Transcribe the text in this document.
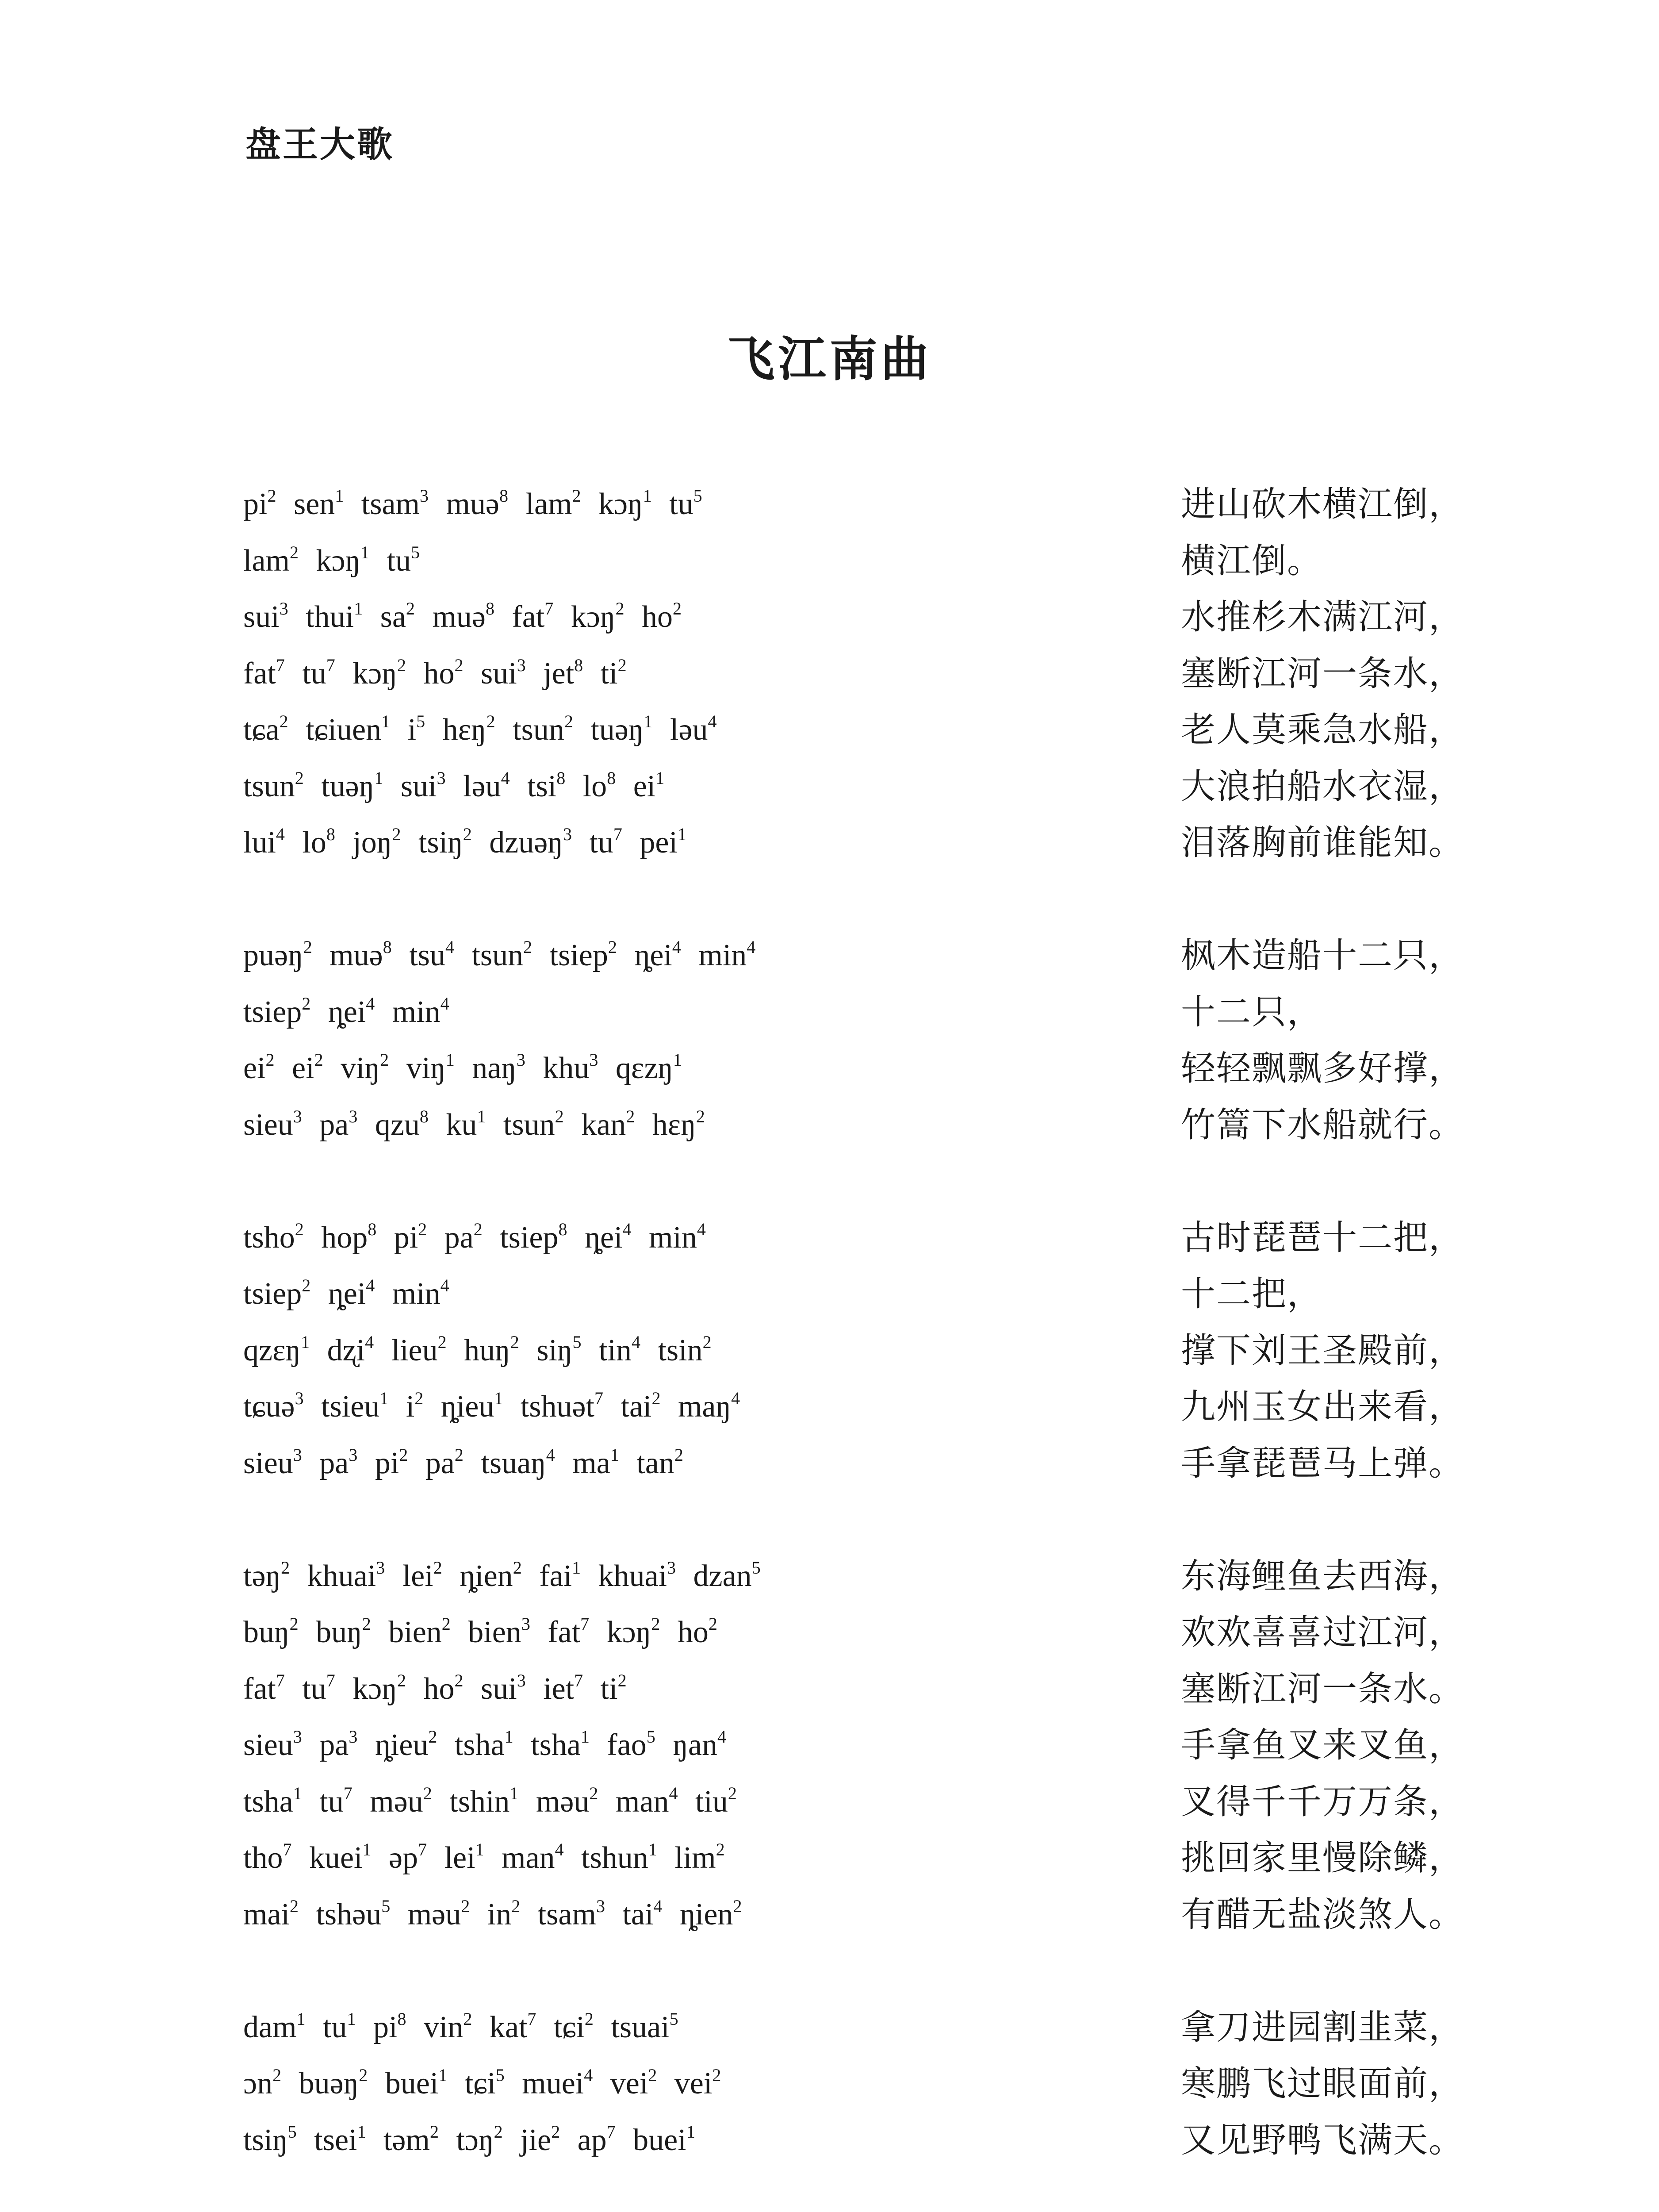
盘王大歌
飞江南曲
$pi^2$ sen$^1$ tsam$^3$ muə$^8$ lam$^2$ kɔŋ$^1$ $tu^5$	进山砍木横江倒，
lam$^2$ kɔŋ$^1$ $tu^5$	横江倒。
sui$^3$ thui$^1$ $sa^2$ muə$^8$ fat$^7$ kɔŋ$^2$ $ho^2$	水推杉木满江河，
fat$^7$ $tu^7$ kɔŋ$^2$ $ho^2$ sui$^3$ jet$^8$ $ti^2$	塞断江河一条水，
tɕa$^2$ tɕiuen$^1$ $i^5$ hɛŋ$^2$ tsun$^2$ tuəŋ$^1$ ləu$^4$	老人莫乘急水船，
tsun$^2$ tuəŋ$^1$ sui$^3$ ləu$^4$ tsi$^8$ $lo^8$ $ei^1$	大浪拍船水衣湿，
lui$^4$ $lo^8$ joŋ$^2$ tsiŋ$^2$ dzuəŋ$^3$ $tu^7$ pei$^1$	泪落胸前谁能知。
puəŋ$^2$ muə$^8$ tsu$^4$ tsun$^2$ tsiep$^2$ ȵei$^4$ $\min^4$	枫木造船十二只，
tsiep$^2$ ȵei$^4$ $\min^4$	十二只，
$ei^2$ $ei^2$ viŋ$^2$ viŋ$^1$ naŋ$^3$ khu$^3$ qɛzŋ$^1$	轻轻飘飘多好撑，
sieu$^3$ $pa^3$ qzu$^8$ $ku^1$ tsun$^2$ kan$^2$ hɛŋ$^2$	竹篙下水船就行。
tsho$^2$ hop$^8$ $pi^2$ $pa^2$ tsiep$^8$ ȵei$^4$ $\min^4$	古时琵琶十二把，
tsiep$^2$ ȵei$^4$ $\min^4$	十二把，
qzɛŋ$^1$ dʐi$^4$ lieu$^2$ huŋ$^2$ siŋ$^5$ tin$^4$ tsin$^2$	撑下刘王圣殿前，
tɕuə$^3$ tsieu$^1$ $i^2$ ȵieu$^1$ tshuət$^7$ tai$^2$ maŋ$^4$	九州玉女出来看，
sieu$^3$ $pa^3$ $pi^2$ $pa^2$ tsuaŋ$^4$ $ma^1$ $\tan^2$	手拿琵琶马上弹。
təŋ$^2$ khuai$^3$ lei$^2$ ȵien$^2$ fai$^1$ khuai$^3$ dzan$^5$	东海鲤鱼去西海，
buŋ$^2$ buŋ$^2$ bien$^2$ bien$^3$ fat$^7$ kɔŋ$^2$ $ho^2$	欢欢喜喜过江河，
fat$^7$ $tu^7$ kɔŋ$^2$ $ho^2$ sui$^3$ iet$^7$ $ti^2$	塞断江河一条水。
sieu$^3$ $pa^3$ ȵieu$^2$ tsha$^1$ tsha$^1$ fao$^5$ ŋan$^4$	手拿鱼叉来叉鱼，
tsha$^1$ $tu^7$ məu$^2$ tshin$^1$ məu$^2$ man$^4$ tiu$^2$	叉得千千万万条，
tho$^7$ kuei$^1$ əp$^7$ lei$^1$ man$^4$ tshun$^1$ $\lim^2$	挑回家里慢除鳞，
mai$^2$ tshəu$^5$ məu$^2$ $in^2$ tsam$^3$ tai$^4$ ȵien$^2$	有醋无盐淡煞人。
dam$^1$ $tu^1$ $pi^8$ vin$^2$ kat$^7$ tɕi$^2$ tsuai$^5$	拿刀进园割韭菜，
ɔn$^2$ buəŋ$^2$ buei$^1$ tɕi$^5$ muei$^4$ vei$^2$ vei$^2$	寒鹏飞过眼面前，
tsiŋ$^5$ tsei$^1$ təm$^2$ tɔŋ$^2$ jie$^2$ $ap^7$ buei$^1$	又见野鸭飞满天。
